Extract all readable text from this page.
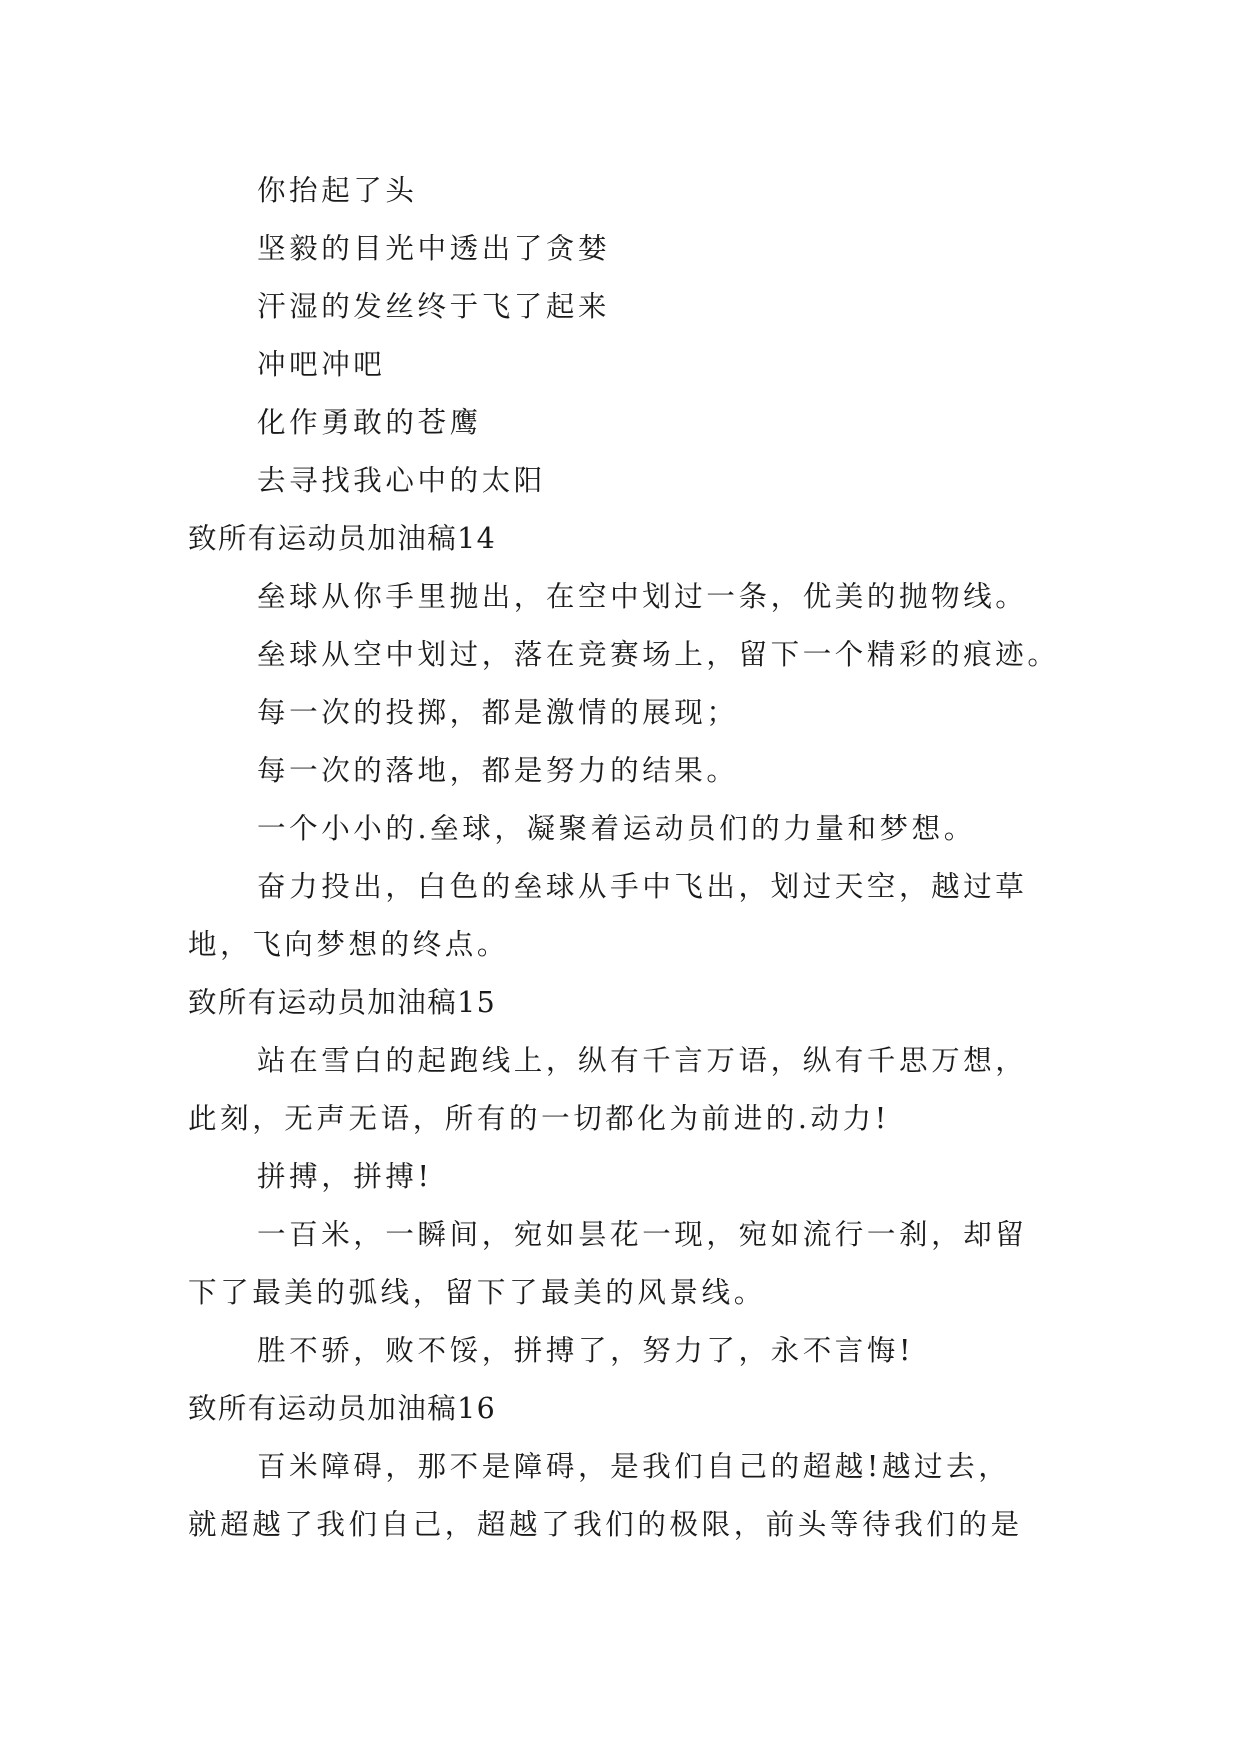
你抬起了头
坚毅的目光中透出了贪婪
汗湿的发丝终于飞了起来
冲吧冲吧
化作勇敢的苍鹰
去寻找我心中的太阳
致所有运动员加油稿14
垒球从你手里抛出，在空中划过一条，优美的抛物线。
垒球从空中划过，落在竞赛场上，留下一个精彩的痕迹。
每一次的投掷，都是激情的展现；
每一次的落地，都是努力的结果。
一个小小的.垒球，凝聚着运动员们的力量和梦想。
奋力投出，白色的垒球从手中飞出，划过天空，越过草
地，飞向梦想的终点。
致所有运动员加油稿15
站在雪白的起跑线上，纵有千言万语，纵有千思万想，
此刻，无声无语，所有的一切都化为前进的.动力!
拼搏，拼搏!
一百米，一瞬间，宛如昙花一现，宛如流行一刹，却留
下了最美的弧线，留下了最美的风景线。
胜不骄，败不馁，拼搏了，努力了，永不言悔!
致所有运动员加油稿16
百米障碍，那不是障碍，是我们自己的超越!越过去，
就超越了我们自己，超越了我们的极限，前头等待我们的是
